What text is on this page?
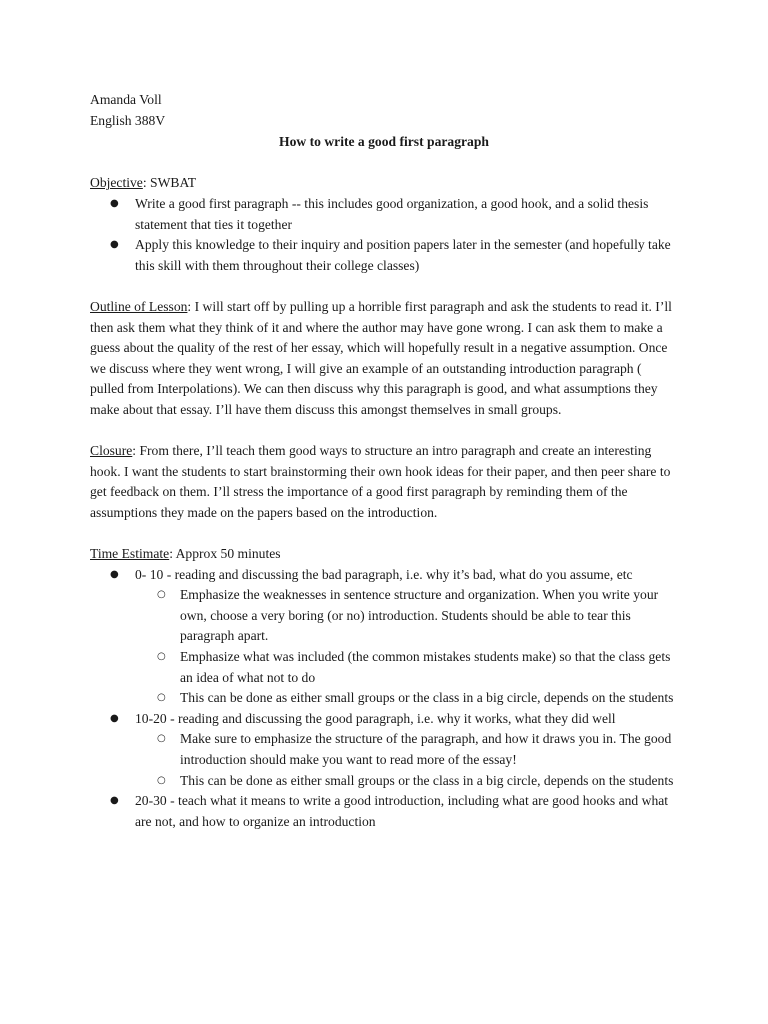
Amanda Voll

English 388V

How to write a good first paragraph

Objective: SWBAT

● Write a good first paragraph -- this includes good organization, a good hook, and a solid thesis statement that ties it together
● Apply this knowledge to their inquiry and position papers later in the semester (and hopefully take this skill with them throughout their college classes)

Outline of Lesson: I will start off by pulling up a horrible first paragraph and ask the students to read it. I’ll then ask them what they think of it and where the author may have gone wrong. I can ask them to make a guess about the quality of the rest of her essay, which will hopefully result in a negative assumption. Once we discuss where they went wrong, I will give an example of an outstanding introduction paragraph ( pulled from Interpolations). We can then discuss why this paragraph is good, and what assumptions they make about that essay. I’ll have them discuss this amongst themselves in small groups.

Closure: From there, I’ll teach them good ways to structure an intro paragraph and create an interesting hook. I want the students to start brainstorming their own hook ideas for their paper, and then peer share to get feedback on them. I’ll stress the importance of a good first paragraph by reminding them of the assumptions they made on the papers based on the introduction.

Time Estimate: Approx 50 minutes

● 0- 10 - reading and discussing the bad paragraph, i.e. why it’s bad, what do you assume, etc
○ Emphasize the weaknesses in sentence structure and organization. When you write your own, choose a very boring (or no) introduction. Students should be able to tear this paragraph apart.
○ Emphasize what was included (the common mistakes students make) so that the class gets an idea of what not to do
○ This can be done as either small groups or the class in a big circle, depends on the students
● 10-20 - reading and discussing the good paragraph, i.e. why it works, what they did well
○ Make sure to emphasize the structure of the paragraph, and how it draws you in. The good introduction should make you want to read more of the essay!
○ This can be done as either small groups or the class in a big circle, depends on the students
● 20-30 - teach what it means to write a good introduction, including what are good hooks and what are not, and how to organize an introduction
